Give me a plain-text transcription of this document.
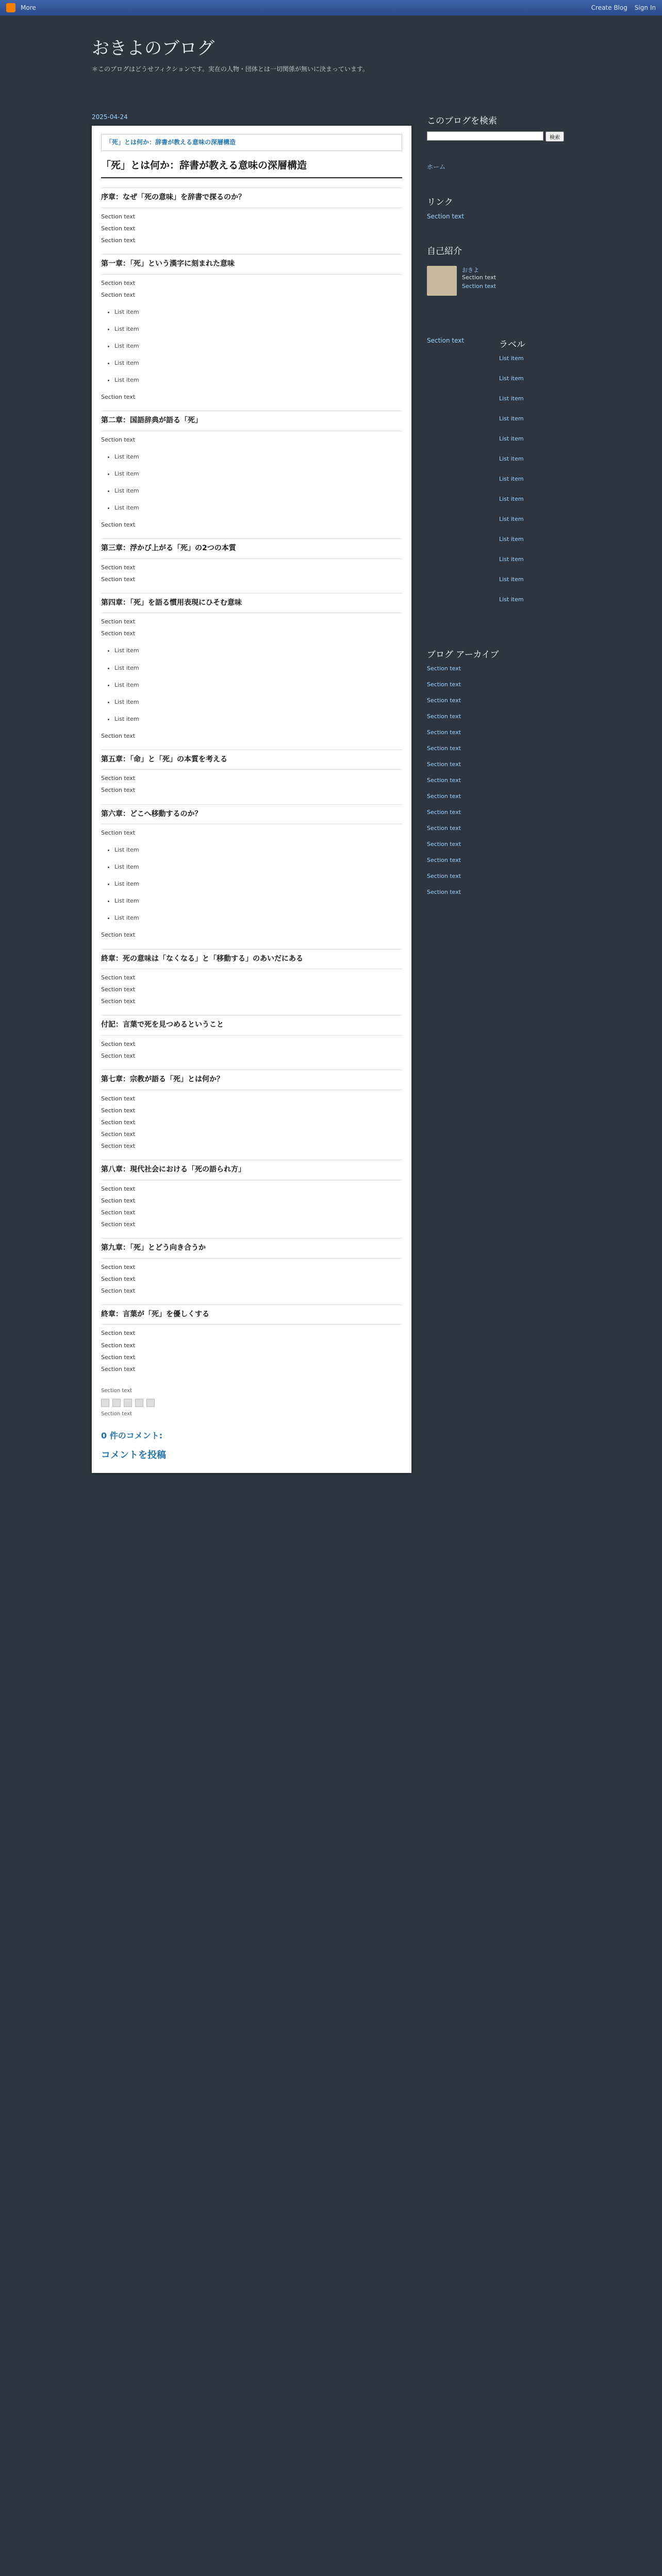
More	Create Blog Sign In
おきよのブログ
＊このブログはどうせフィクションです。実在の人物・団体とは一切関係が無いに決まっています。
2025-04-24
「死」とは何か：辞書が教える意味の深層構造
「死」とは何か：辞書が教える意味の深層構造
序章：なぜ「死の意味」を辞書で探るのか？

Section text

Section text

Section text

第一章：「死」という漢字に刻まれた意味

Section text

Section text

• List item
• List item
• List item
• List item
• List item

Section text

第二章：国語辞典が語る「死」

Section text

• List item
• List item
• List item
• List item

Section text

第三章：浮かび上がる「死」の2つの本質

Section text

Section text

第四章：「死」を語る慣用表現にひそむ意味

Section text

Section text

• List item
• List item
• List item
• List item
• List item

Section text

第五章：「命」と「死」の本質を考える

Section text

Section text

第六章：どこへ移動するのか？

Section text

• List item
• List item
• List item
• List item
• List item

Section text

終章：死の意味は「なくなる」と「移動する」のあいだにある

Section text

Section text

Section text

付記：言葉で死を見つめるということ

Section text

Section text

第七章：宗教が語る「死」とは何か？

Section text

Section text

Section text

Section text

Section text

第八章：現代社会における「死の語られ方」

Section text

Section text

Section text

Section text

第九章：「死」とどう向き合うか

Section text

Section text

Section text

終章：言葉が「死」を優しくする

Section text

Section text

Section text

Section text

Section text
Section text
0 件のコメント:
コメントを投稿
このブログを検索
検索
ホーム
リンク
Section text
自己紹介
おきよ
Section text
Section text
Section text	ラベル
List item
List item
List item
List item
List item
List item
List item
List item
List item
List item
List item
List item
List item
ブログ アーカイブ
Section text
Section text
Section text
Section text
Section text
Section text
Section text
Section text
Section text
Section text
Section text
Section text
Section text
Section text
Section text
